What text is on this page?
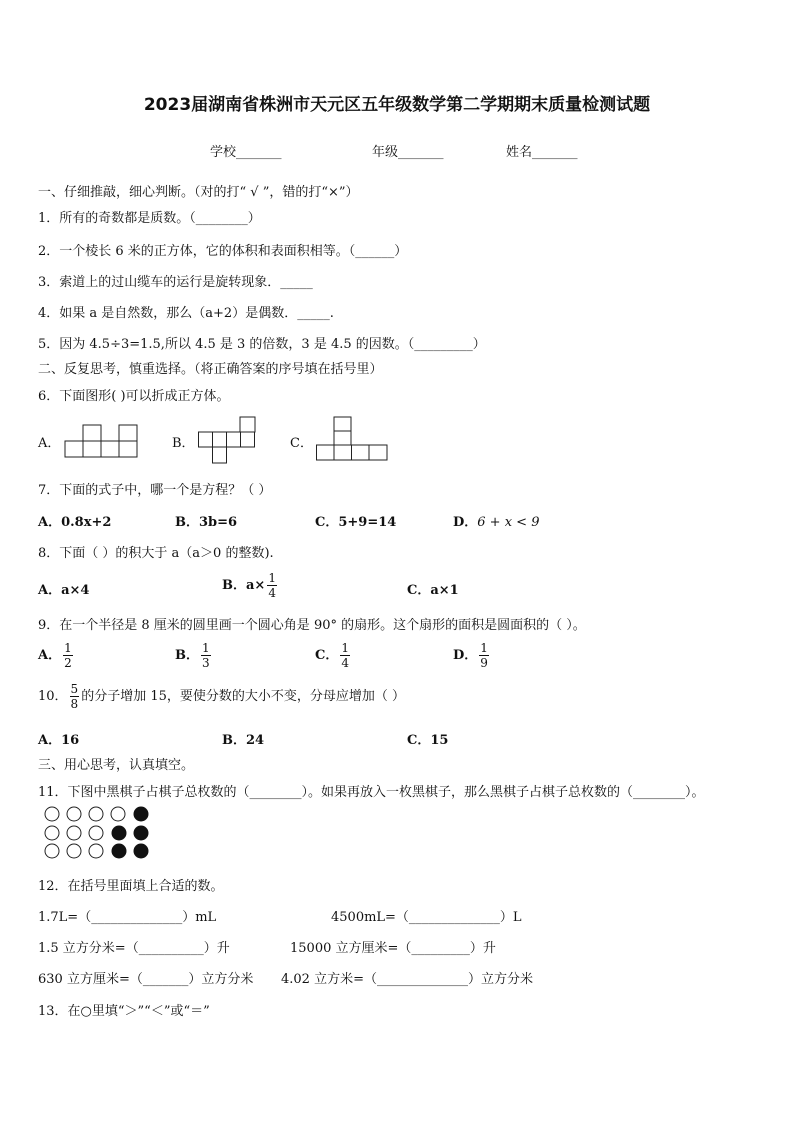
2023届湖南省株洲市天元区五年级数学第二学期期末质量检测试题
学校_______	年级_______	姓名_______
一、仔细推敲，细心判断。（对的打“ √ ”，错的打“×”）
1．所有的奇数都是质数。（________）
2．一个棱长 6 米的正方体，它的体积和表面积相等。（______）
3．索道上的过山缆车的运行是旋转现象．_____
4．如果 a 是自然数，那么（a+2）是偶数．_____.
5．因为 4.5÷3=1.5,所以 4.5 是 3 的倍数，3 是 4.5 的因数。（_________）
二、反复思考，慎重选择。（将正确答案的序号填在括号里）
6．下面图形( )可以折成正方体。
A．	B．	C．
7．下面的式子中，哪一个是方程？（ ）
A．0.8x+2	B．3b=6	C．5+9=14	D．6 + x < 9
8．下面（ ）的积大于 a（a＞0 的整数).
A．a×4	B．$a\times \frac{1}{4}$	C．a×1
9．在一个半径是 8 厘米的圆里画一个圆心角是 90° 的扇形。这个扇形的面积是圆面积的（ ）。
A． $\frac{1}{2}$	B． $\frac{1}{3}$	C． $\frac{1}{4}$	D． $\frac{1}{9}$
10． $\frac{5}{8}$ 的分子增加 15，要使分数的大小不变，分母应增加（ ）
A．16	B．24	C．15
三、用心思考，认真填空。
11．下图中黑棋子占棋子总枚数的（________）。如果再放入一枚黑棋子，那么黑棋子占棋子总枚数的（________）。
12．在括号里面填上合适的数。
1.7L=（______________）mL	4500mL=（______________）L
1.5 立方分米=（__________）升	15000 立方厘米=（_________）升
630 立方厘米=（_______）立方分米 4.02 立方米=（______________）立方分米
13．在○里填“＞”“＜”或“＝”
